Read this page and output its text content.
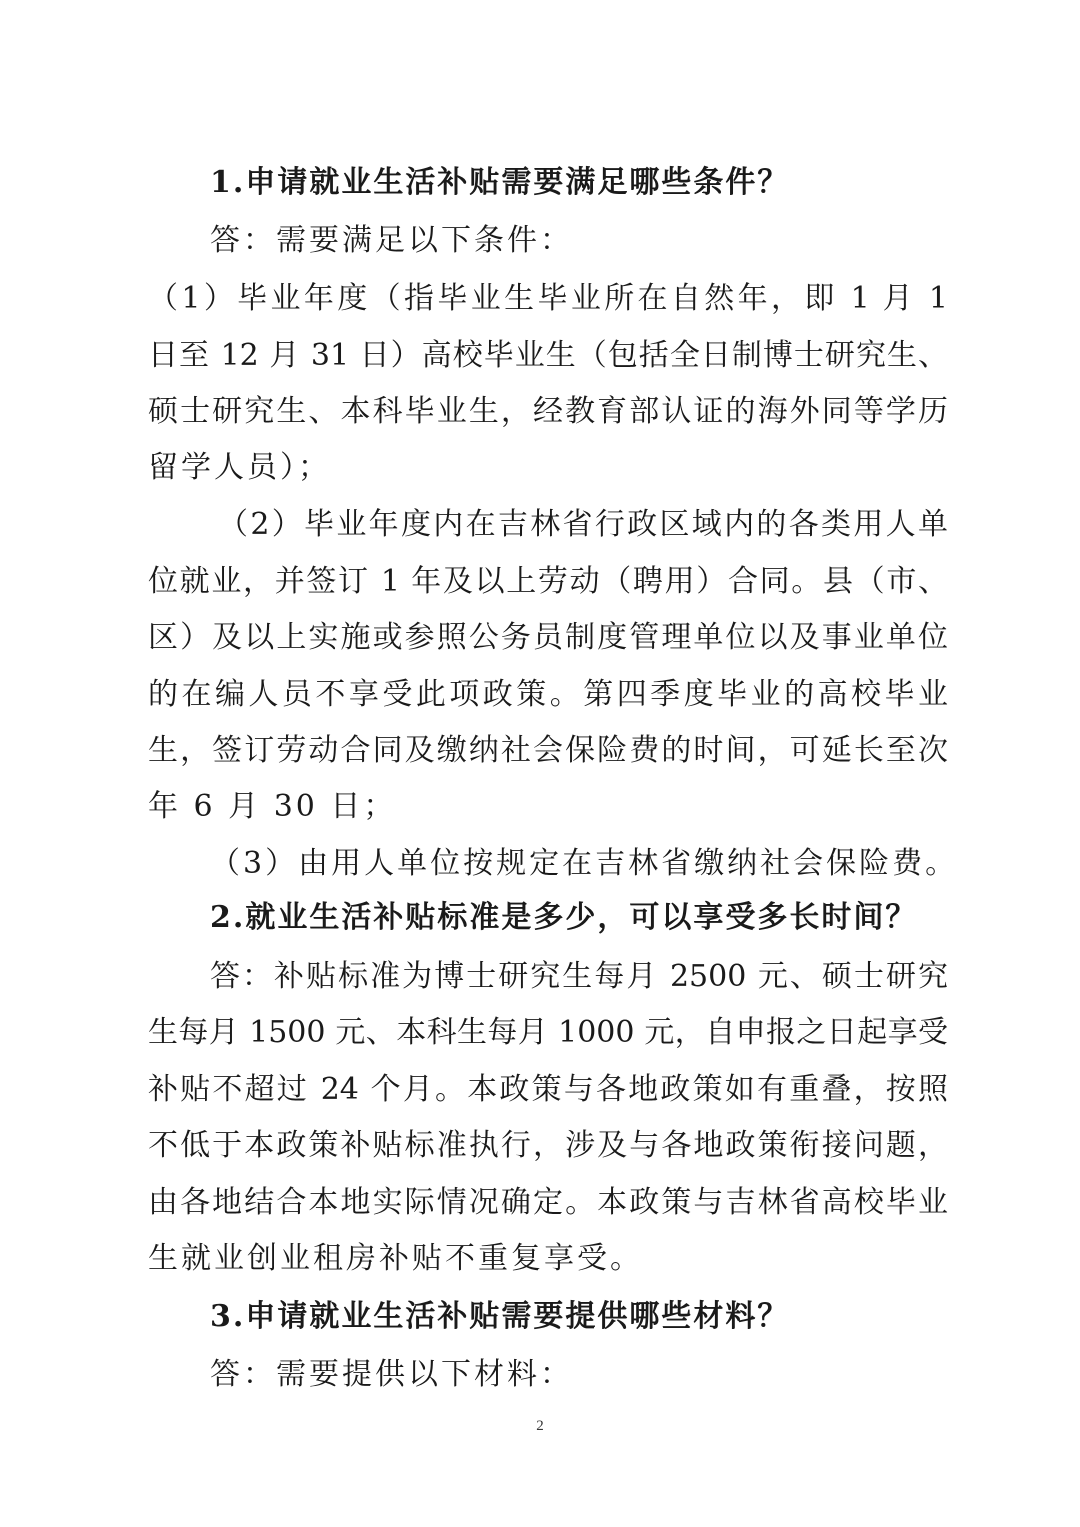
1.申请就业生活补贴需要满足哪些条件？
答：需要满足以下条件：
（1）毕业年度（指毕业生毕业所在自然年，即 1 月 1
日至 12 月 31 日）高校毕业生（包括全日制博士研究生、
硕士研究生、本科毕业生，经教育部认证的海外同等学历
留学人员）；
（2）毕业年度内在吉林省行政区域内的各类用人单
位就业，并签订 1 年及以上劳动（聘用）合同。县（市、
区）及以上实施或参照公务员制度管理单位以及事业单位
的在编人员不享受此项政策。第四季度毕业的高校毕业
生，签订劳动合同及缴纳社会保险费的时间，可延长至次
年 6 月 30 日；
（3）由用人单位按规定在吉林省缴纳社会保险费。
2.就业生活补贴标准是多少，可以享受多长时间？
答：补贴标准为博士研究生每月 2500 元、硕士研究
生每月 1500 元、本科生每月 1000 元，自申报之日起享受
补贴不超过 24 个月。本政策与各地政策如有重叠，按照
不低于本政策补贴标准执行，涉及与各地政策衔接问题，
由各地结合本地实际情况确定。本政策与吉林省高校毕业
生就业创业租房补贴不重复享受。
3.申请就业生活补贴需要提供哪些材料？
答：需要提供以下材料：
2
